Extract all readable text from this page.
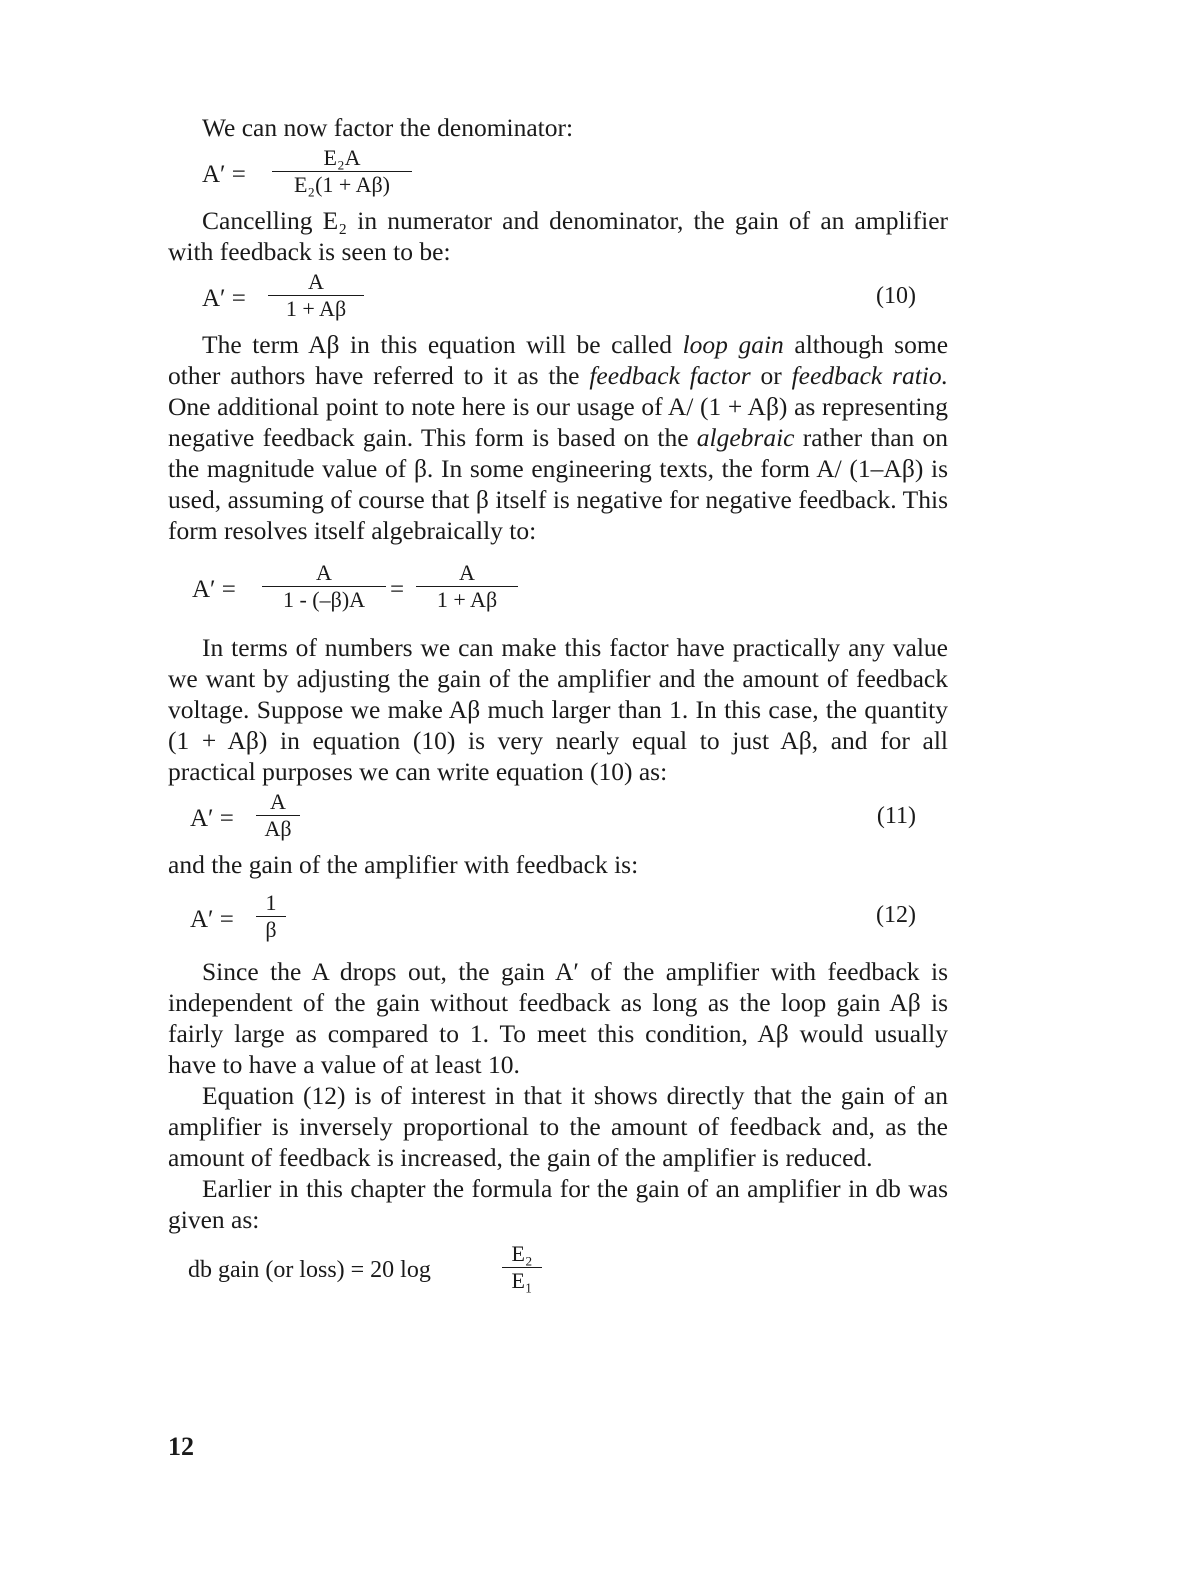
We can now factor the denominator:

$A' = \frac{\text{E₂A}}{\text{E₂(1 + Aβ)}}$

Cancelling E₂ in numerator and denominator, the gain of an amplifier with feedback is seen to be:

$A' = \frac{A}{1 + A\beta}$	(10)

The term Aβ in this equation will be called loop gain although some other authors have referred to it as the feedback factor or feedback ratio. One additional point to note here is our usage of A/ (1 + Aβ) as representing negative feedback gain. This form is based on the algebraic rather than on the magnitude value of β. In some engineering texts, the form A/ (1–Aβ) is used, assuming of course that β itself is negative for negative feedback. This form resolves itself algebraically to:

$A' = \frac{A}{1 - (-\beta)A} = \frac{A}{1 + A\beta}$

In terms of numbers we can make this factor have practically any value we want by adjusting the gain of the amplifier and the amount of feedback voltage. Suppose we make Aβ much larger than 1. In this case, the quantity (1 + Aβ) in equation (10) is very nearly equal to just Aβ, and for all practical purposes we can write equation (10) as:

$A' = \frac{A}{A\beta}$	(11)

and the gain of the amplifier with feedback is:

$A' = \frac{1}{\beta}$	(12)

Since the A drops out, the gain A′ of the amplifier with feedback is independent of the gain without feedback as long as the loop gain Aβ is fairly large as compared to 1. To meet this condition, Aβ would usually have to have a value of at least 10.

Equation (12) is of interest in that it shows directly that the gain of an amplifier is inversely proportional to the amount of feedback and, as the amount of feedback is increased, the gain of the amplifier is reduced.

Earlier in this chapter the formula for the gain of an amplifier in db was given as:

db gain (or loss) = 20 log	$\frac{\text{E₂}}{\text{E₁}}$
12
